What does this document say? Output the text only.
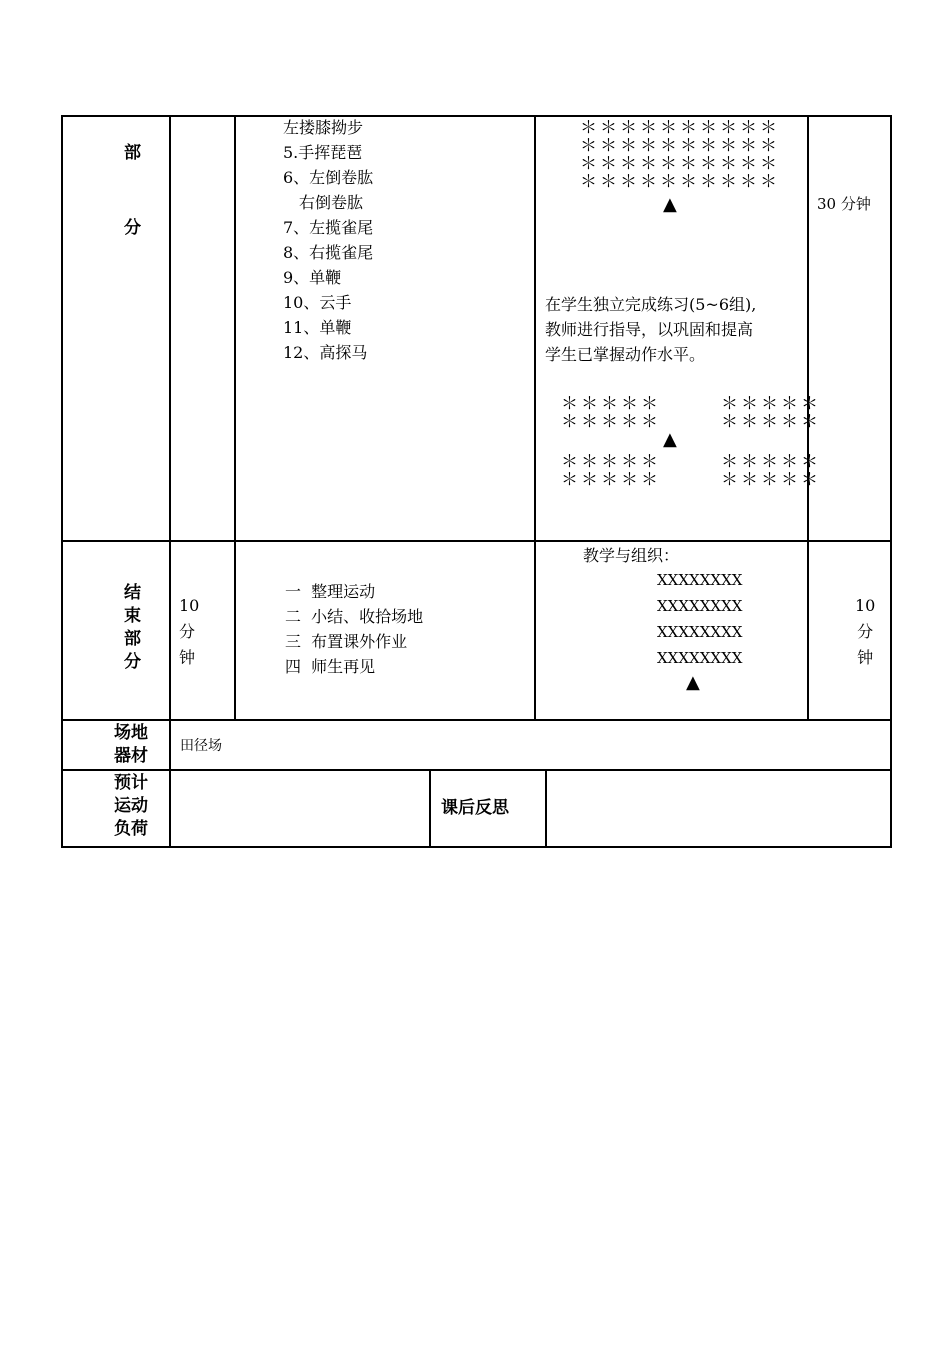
部
分
左搂膝拗步
5.手挥琵琶
6、左倒卷肱
　右倒卷肱
7、左揽雀尾
8、右揽雀尾
9、单鞭
10、云手
11、单鞭
12、高探马
＊＊＊＊＊＊＊＊＊＊
＊＊＊＊＊＊＊＊＊＊
＊＊＊＊＊＊＊＊＊＊
＊＊＊＊＊＊＊＊＊＊
▲	30 分钟
在学生独立完成练习(5~6组),
教师进行指导，以巩固和提高
学生已掌握动作水平。
＊＊＊＊＊　　　＊＊＊＊＊
＊＊＊＊＊　　　＊＊＊＊＊
▲
＊＊＊＊＊　　　＊＊＊＊＊
＊＊＊＊＊　　　＊＊＊＊＊
结
束
部
分
10
分
钟
一  整理运动
二  小结、收拾场地
三  布置课外作业
四  师生再见
教学与组织：
XXXXXXXX
XXXXXXXX
XXXXXXXX
XXXXXXXX
▲
10
分
钟
场地
器材 田径场
预计
运动
负荷
课后反思
